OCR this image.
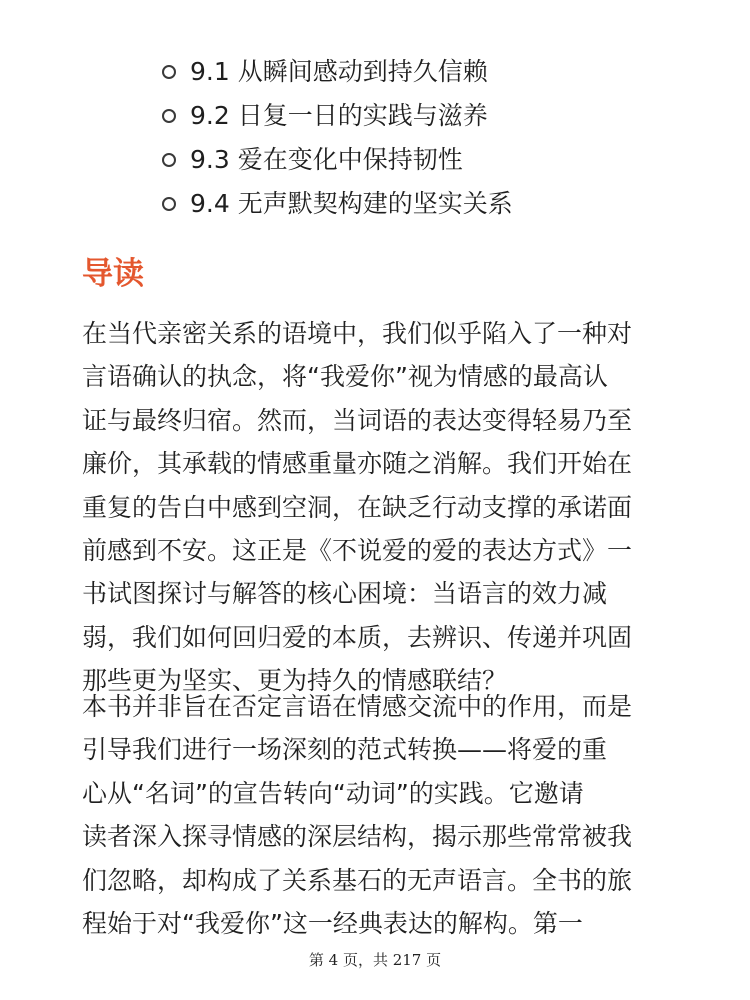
9.1 从瞬间感动到持久信赖
9.2 日复一日的实践与滋养
9.3 爱在变化中保持韧性
9.4 无声默契构建的坚实关系
导读

在当代亲密关系的语境中，我们似乎陷入了一种对
言语确认的执念，将“我爱你”视为情感的最高认
证与最终归宿。然而，当词语的表达变得轻易乃至
廉价，其承载的情感重量亦随之消解。我们开始在
重复的告白中感到空洞，在缺乏行动支撑的承诺面
前感到不安。这正是《不说爱的爱的表达方式》一
书试图探讨与解答的核心困境：当语言的效力减
弱，我们如何回归爱的本质，去辨识、传递并巩固
那些更为坚实、更为持久的情感联结？

本书并非旨在否定言语在情感交流中的作用，而是
引导我们进行一场深刻的范式转换——将爱的重
心从“名词”的宣告转向“动词”的实践。它邀请
读者深入探寻情感的深层结构，揭示那些常常被我
们忽略，却构成了关系基石的无声语言。全书的旅
程始于对“我爱你”这一经典表达的解构。第一

第 4 页，共 217 页
